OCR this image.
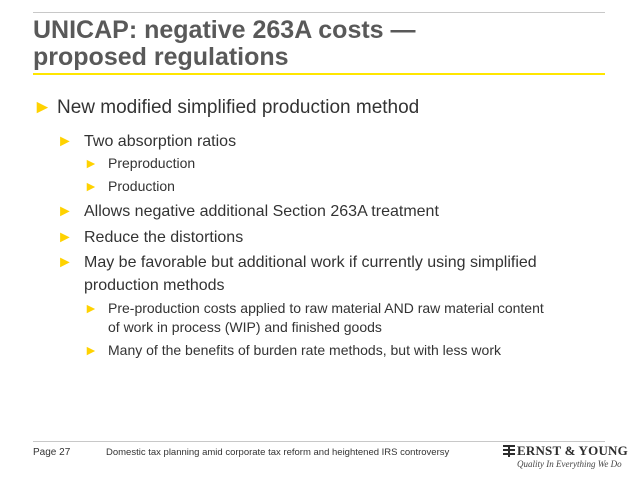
UNICAP: negative 263A costs —
proposed regulations
► New modified simplified production method
► Two absorption ratios
► Preproduction
► Production
► Allows negative additional Section 263A treatment
► Reduce the distortions
► May be favorable but additional work if currently using simplified
production methods
► Pre-production costs applied to raw material AND raw material content
of work in process (WIP) and finished goods
► Many of the benefits of burden rate methods, but with less work
Page 27	Domestic tax planning amid corporate tax reform and heightened IRS controversy	ERNST & YOUNG
Quality In Everything We Do
